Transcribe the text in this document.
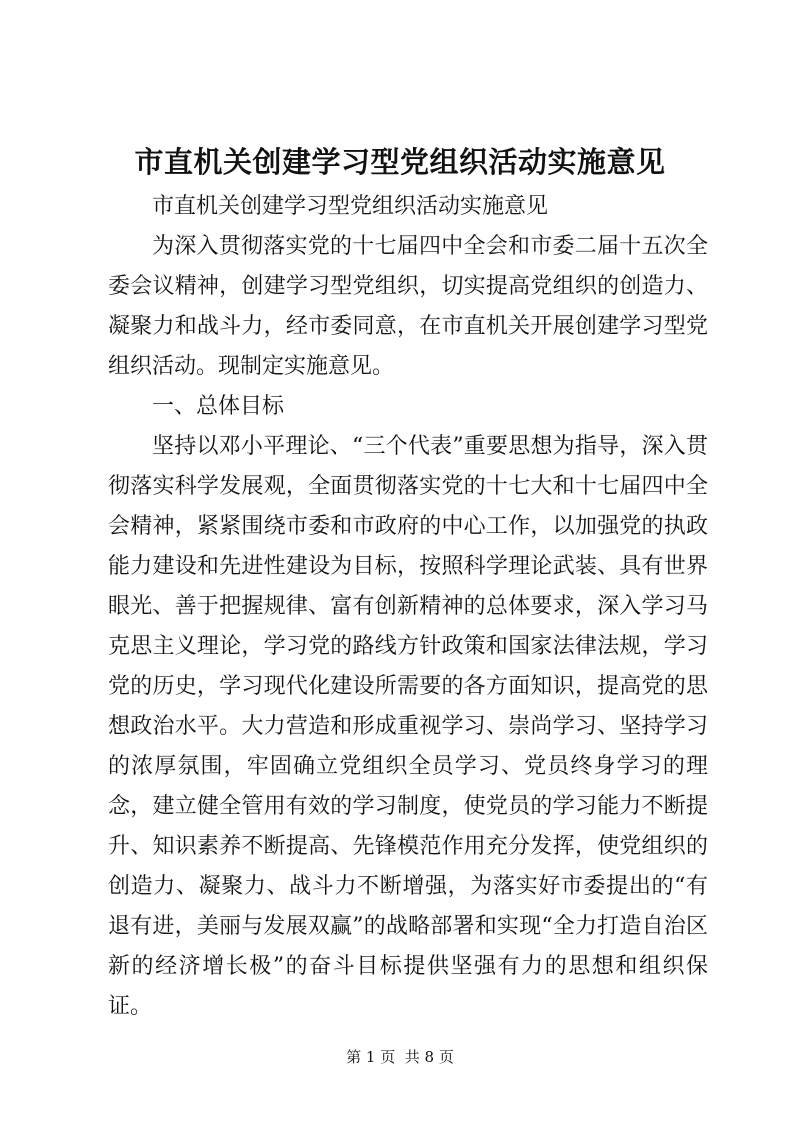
市直机关创建学习型党组织活动实施意见

市直机关创建学习型党组织活动实施意见

为深入贯彻落实党的十七届四中全会和市委二届十五次全委会议精神，创建学习型党组织，切实提高党组织的创造力、凝聚力和战斗力，经市委同意，在市直机关开展创建学习型党组织活动。现制定实施意见。

一、总体目标

坚持以邓小平理论、“三个代表”重要思想为指导，深入贯彻落实科学发展观，全面贯彻落实党的十七大和十七届四中全会精神，紧紧围绕市委和市政府的中心工作，以加强党的执政能力建设和先进性建设为目标，按照科学理论武装、具有世界眼光、善于把握规律、富有创新精神的总体要求，深入学习马克思主义理论，学习党的路线方针政策和国家法律法规，学习党的历史，学习现代化建设所需要的各方面知识，提高党的思想政治水平。大力营造和形成重视学习、崇尚学习、坚持学习的浓厚氛围，牢固确立党组织全员学习、党员终身学习的理念，建立健全管用有效的学习制度，使党员的学习能力不断提升、知识素养不断提高、先锋模范作用充分发挥，使党组织的创造力、凝聚力、战斗力不断增强，为落实好市委提出的“有退有进，美丽与发展双赢”的战略部署和实现“全力打造自治区新的经济增长极”的奋斗目标提供坚强有力的思想和组织保证。

第 1 页  共 8 页
